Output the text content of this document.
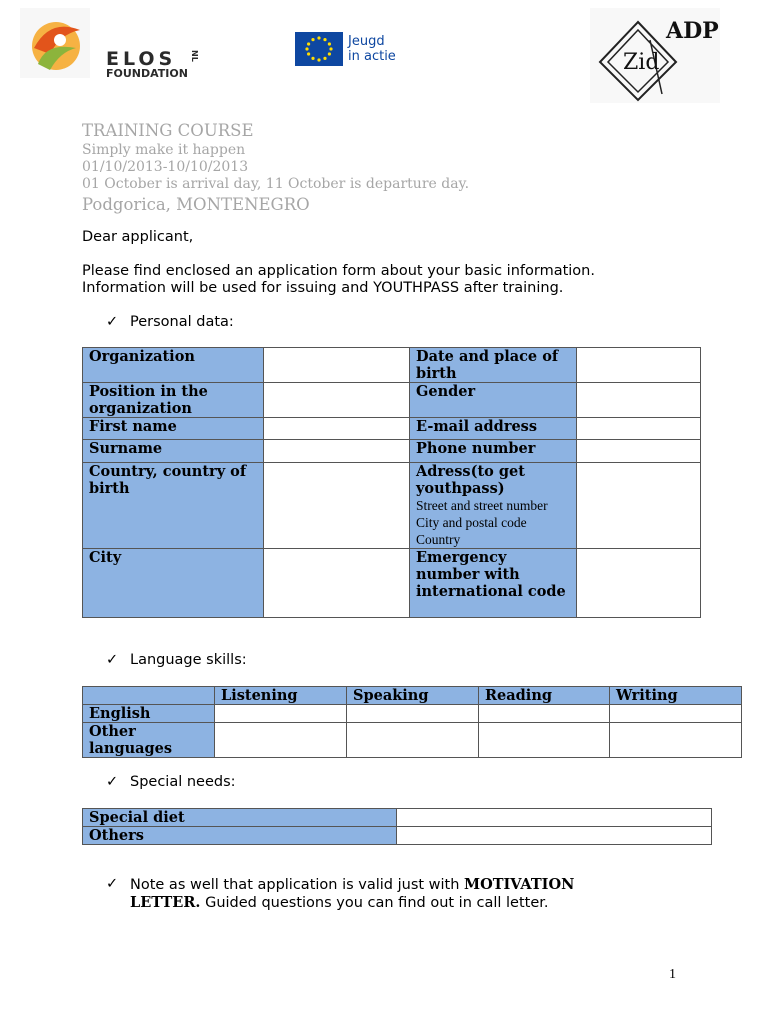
ELOS NL
FOUNDATION
Jeugd
in actie
ADP
Zid
TRAINING COURSE
Simply make it happen
01/10/2013-10/10/2013
01 October is arrival day, 11 October is departure day.
Podgorica, MONTENEGRO
Dear applicant,
Please find enclosed an application form about your basic information.
Information will be used for issuing and YOUTHPASS after training.
✓ Personal data:
Organization		Date and place of birth	
Position in the organization		Gender	
First name		E-mail address	
Surname		Phone number	
Country, country of birth		Adress(to get youthpass)
Street and street number
City and postal code
Country	

City		Emergency number with international code	
✓ Language skills:
	Listening	Speaking	Reading	Writing
English				
Other languages				
✓ Special needs:
Special diet	
Others	
✓ Note as well that application is valid just with MOTIVATION LETTER. Guided questions you can find out in call letter.
1
